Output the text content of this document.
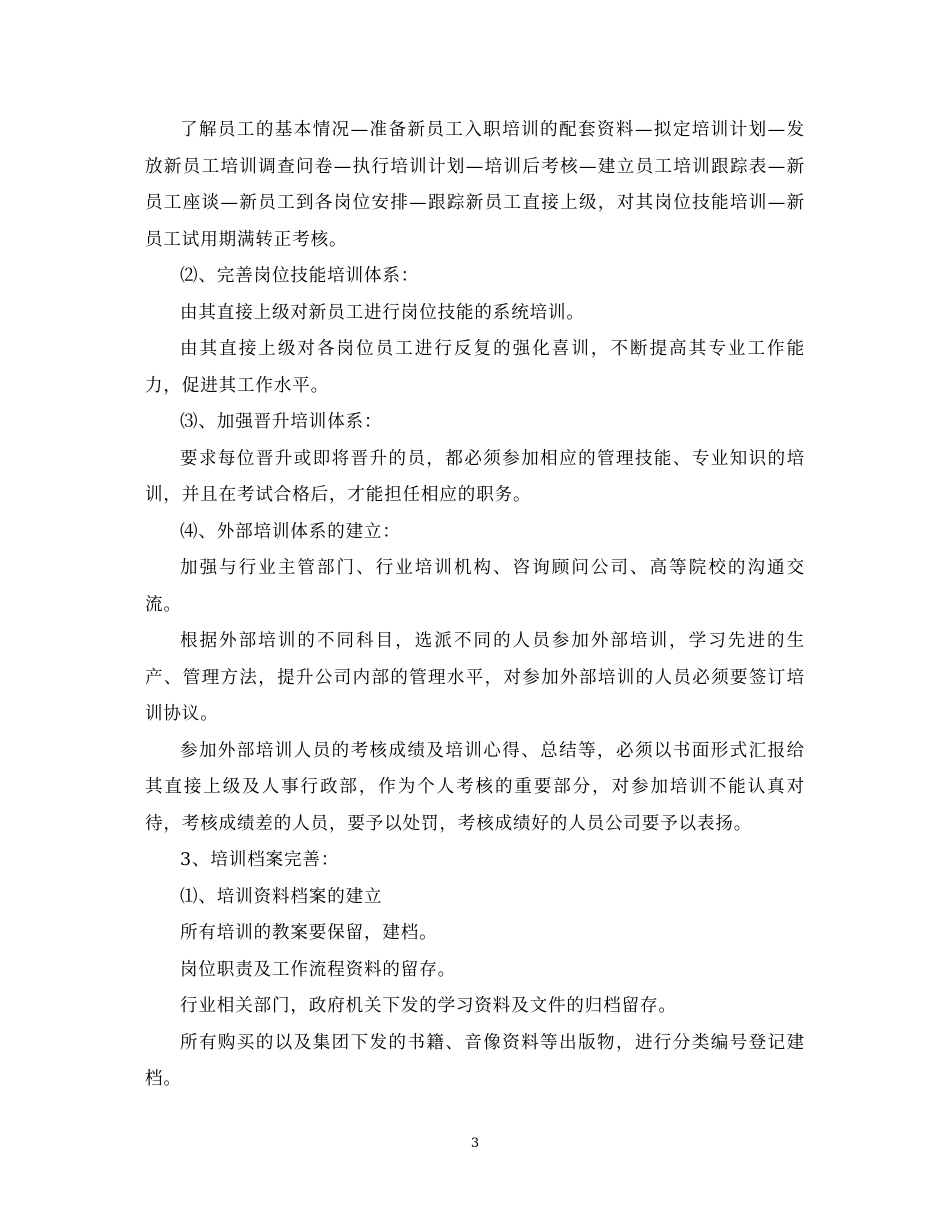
了解员工的基本情况—准备新员工入职培训的配套资料—拟定培训计划—发放新员工培训调查问卷—执行培训计划—培训后考核—建立员工培训跟踪表—新员工座谈—新员工到各岗位安排—跟踪新员工直接上级，对其岗位技能培训—新员工试用期满转正考核。

⑵、完善岗位技能培训体系：

由其直接上级对新员工进行岗位技能的系统培训。

由其直接上级对各岗位员工进行反复的强化喜训，不断提高其专业工作能力，促进其工作水平。

⑶、加强晋升培训体系：

要求每位晋升或即将晋升的员，都必须参加相应的管理技能、专业知识的培训，并且在考试合格后，才能担任相应的职务。

⑷、外部培训体系的建立：

加强与行业主管部门、行业培训机构、咨询顾问公司、高等院校的沟通交流。

根据外部培训的不同科目，选派不同的人员参加外部培训，学习先进的生产、管理方法，提升公司内部的管理水平，对参加外部培训的人员必须要签订培训协议。

参加外部培训人员的考核成绩及培训心得、总结等，必须以书面形式汇报给其直接上级及人事行政部，作为个人考核的重要部分，对参加培训不能认真对待，考核成绩差的人员，要予以处罚，考核成绩好的人员公司要予以表扬。

3、培训档案完善：

⑴、培训资料档案的建立

所有培训的教案要保留，建档。

岗位职责及工作流程资料的留存。

行业相关部门，政府机关下发的学习资料及文件的归档留存。

所有购买的以及集团下发的书籍、音像资料等出版物，进行分类编号登记建档。

3
